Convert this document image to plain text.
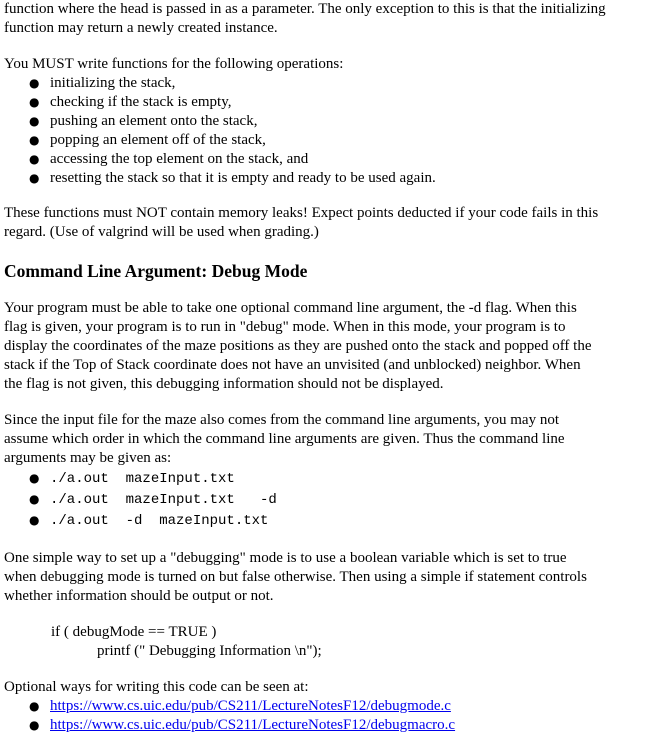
function where the head is passed in as a parameter. The only exception to this is that the initializing
function may return a newly created instance.

You MUST write functions for the following operations:

● initializing the stack,
● checking if the stack is empty,
● pushing an element onto the stack,
● popping an element off of the stack,
● accessing the top element on the stack, and
● resetting the stack so that it is empty and ready to be used again.

These functions must NOT contain memory leaks! Expect points deducted if your code fails in this
regard. (Use of valgrind will be used when grading.)

Command Line Argument: Debug Mode

Your program must be able to take one optional command line argument, the -d flag. When this
flag is given, your program is to run in "debug" mode. When in this mode, your program is to
display the coordinates of the maze positions as they are pushed onto the stack and popped off the
stack if the Top of Stack coordinate does not have an unvisited (and unblocked) neighbor. When
the flag is not given, this debugging information should not be displayed.

Since the input file for the maze also comes from the command line arguments, you may not
assume which order in which the command line arguments are given. Thus the command line
arguments may be given as:

● ./a.out  mazeInput.txt
● ./a.out  mazeInput.txt   -d
● ./a.out  -d  mazeInput.txt

One simple way to set up a "debugging" mode is to use a boolean variable which is set to true
when debugging mode is turned on but false otherwise. Then using a simple if statement controls
whether information should be output or not.

if ( debugMode == TRUE )
printf (" Debugging Information \n");

Optional ways for writing this code can be seen at:

● https://www.cs.uic.edu/pub/CS211/LectureNotesF12/debugmode.c
● https://www.cs.uic.edu/pub/CS211/LectureNotesF12/debugmacro.c
